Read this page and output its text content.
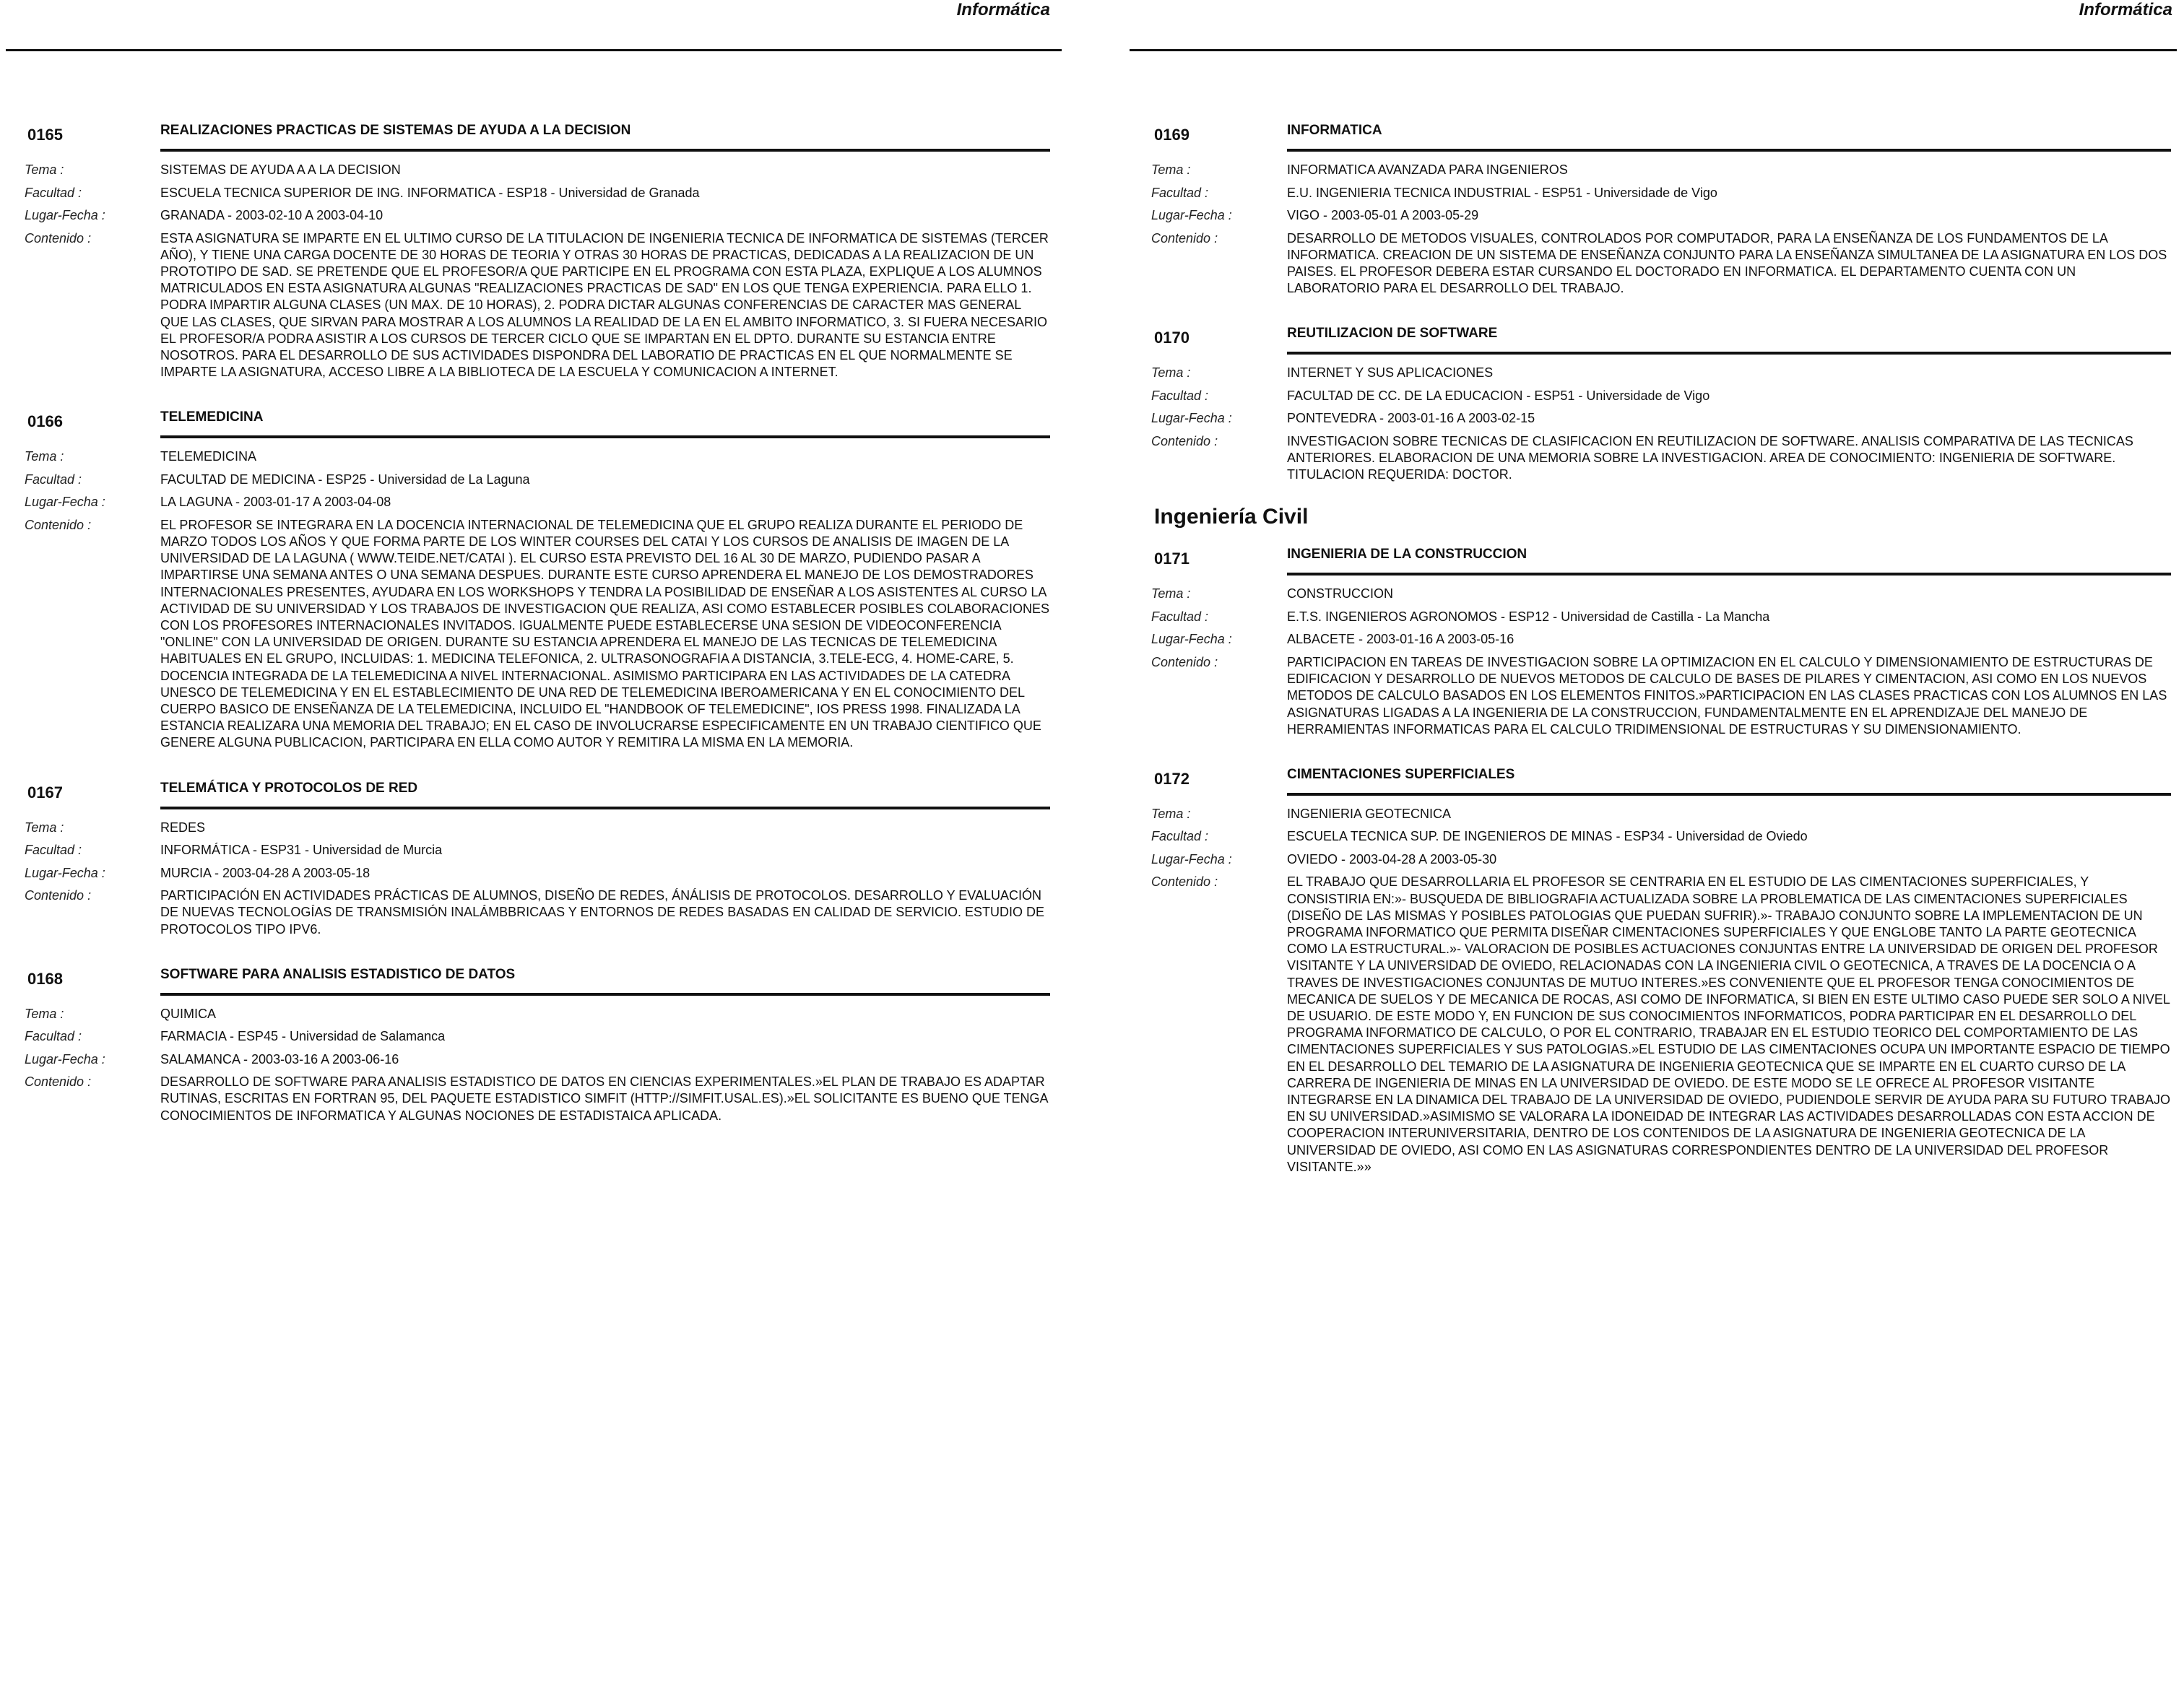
Informática
0165	REALIZACIONES PRACTICAS DE SISTEMAS DE AYUDA A LA DECISION
Tema :	SISTEMAS DE AYUDA A A LA DECISION
Facultad :	ESCUELA TECNICA SUPERIOR DE ING. INFORMATICA - ESP18 - Universidad de Granada
Lugar-Fecha :	GRANADA - 2003-02-10 A 2003-04-10
Contenido :	ESTA ASIGNATURA SE IMPARTE EN EL ULTIMO CURSO DE LA TITULACION DE INGENIERIA TECNICA DE INFORMATICA DE SISTEMAS (TERCER AÑO), Y TIENE UNA CARGA DOCENTE DE 30 HORAS DE TEORIA Y OTRAS 30 HORAS DE PRACTICAS, DEDICADAS A LA REALIZACION DE UN PROTOTIPO DE SAD. SE PRETENDE QUE EL PROFESOR/A QUE PARTICIPE EN EL PROGRAMA CON ESTA PLAZA, EXPLIQUE A LOS ALUMNOS MATRICULADOS EN ESTA ASIGNATURA ALGUNAS "REALIZACIONES PRACTICAS DE SAD" EN LOS QUE TENGA EXPERIENCIA. PARA ELLO 1. PODRA IMPARTIR ALGUNA CLASES (UN MAX. DE 10 HORAS), 2. PODRA DICTAR ALGUNAS CONFERENCIAS DE CARACTER MAS GENERAL QUE LAS CLASES, QUE SIRVAN PARA MOSTRAR A LOS ALUMNOS LA REALIDAD DE LA EN EL AMBITO INFORMATICO, 3. SI FUERA NECESARIO EL PROFESOR/A PODRA ASISTIR A LOS CURSOS DE TERCER CICLO QUE SE IMPARTAN EN EL DPTO. DURANTE SU ESTANCIA ENTRE NOSOTROS. PARA EL DESARROLLO DE SUS ACTIVIDADES DISPONDRA DEL LABORATIO DE PRACTICAS EN EL QUE NORMALMENTE SE IMPARTE LA ASIGNATURA, ACCESO LIBRE A LA BIBLIOTECA DE LA ESCUELA Y COMUNICACION A INTERNET.
0166	TELEMEDICINA
Tema :	TELEMEDICINA
Facultad :	FACULTAD DE MEDICINA - ESP25 - Universidad de La Laguna
Lugar-Fecha :	LA LAGUNA - 2003-01-17 A 2003-04-08
Contenido :	EL PROFESOR SE INTEGRARA EN LA DOCENCIA INTERNACIONAL DE TELEMEDICINA QUE EL GRUPO REALIZA DURANTE EL PERIODO DE MARZO TODOS LOS AÑOS Y QUE FORMA PARTE DE LOS WINTER COURSES DEL CATAI Y LOS CURSOS DE ANALISIS DE IMAGEN DE LA UNIVERSIDAD DE LA LAGUNA ( WWW.TEIDE.NET/CATAI ). EL CURSO ESTA PREVISTO DEL 16 AL 30 DE MARZO, PUDIENDO PASAR A IMPARTIRSE UNA SEMANA ANTES O UNA SEMANA DESPUES. DURANTE ESTE CURSO APRENDERA EL MANEJO DE LOS DEMOSTRADORES INTERNACIONALES PRESENTES, AYUDARA EN LOS WORKSHOPS Y TENDRA LA POSIBILIDAD DE ENSEÑAR A LOS ASISTENTES AL CURSO LA ACTIVIDAD DE SU UNIVERSIDAD Y LOS TRABAJOS DE INVESTIGACION QUE REALIZA, ASI COMO ESTABLECER POSIBLES COLABORACIONES CON LOS PROFESORES INTERNACIONALES INVITADOS. IGUALMENTE PUEDE ESTABLECERSE UNA SESION DE VIDEOCONFERENCIA "ONLINE" CON LA UNIVERSIDAD DE ORIGEN. DURANTE SU ESTANCIA APRENDERA EL MANEJO DE LAS TECNICAS DE TELEMEDICINA HABITUALES EN EL GRUPO, INCLUIDAS: 1. MEDICINA TELEFONICA, 2. ULTRASONOGRAFIA A DISTANCIA, 3.TELE-ECG, 4. HOME-CARE, 5. DOCENCIA INTEGRADA DE LA TELEMEDICINA A NIVEL INTERNACIONAL. ASIMISMO PARTICIPARA EN LAS ACTIVIDADES DE LA CATEDRA UNESCO DE TELEMEDICINA Y EN EL ESTABLECIMIENTO DE UNA RED DE TELEMEDICINA IBEROAMERICANA Y EN EL CONOCIMIENTO DEL CUERPO BASICO DE ENSEÑANZA DE LA TELEMEDICINA, INCLUIDO EL "HANDBOOK OF TELEMEDICINE", IOS PRESS 1998. FINALIZADA LA ESTANCIA REALIZARA UNA MEMORIA DEL TRABAJO; EN EL CASO DE INVOLUCRARSE ESPECIFICAMENTE EN UN TRABAJO CIENTIFICO QUE GENERE ALGUNA PUBLICACION, PARTICIPARA EN ELLA COMO AUTOR Y REMITIRA LA MISMA EN LA MEMORIA.
0167	TELEMÁTICA Y PROTOCOLOS DE RED
Tema :	REDES
Facultad :	INFORMÁTICA - ESP31 - Universidad de Murcia
Lugar-Fecha :	MURCIA - 2003-04-28 A 2003-05-18
Contenido :	PARTICIPACIÓN EN ACTIVIDADES PRÁCTICAS DE ALUMNOS, DISEÑO DE REDES, ÁNÁLISIS DE PROTOCOLOS. DESARROLLO Y EVALUACIÓN DE NUEVAS TECNOLOGÍAS DE TRANSMISIÓN INALÁMBBRICAAS Y ENTORNOS DE REDES BASADAS EN CALIDAD DE SERVICIO. ESTUDIO DE PROTOCOLOS TIPO IPV6.
0168	SOFTWARE PARA ANALISIS ESTADISTICO DE DATOS
Tema :	QUIMICA
Facultad :	FARMACIA - ESP45 - Universidad de Salamanca
Lugar-Fecha :	SALAMANCA - 2003-03-16 A 2003-06-16
Contenido :	DESARROLLO DE SOFTWARE PARA ANALISIS ESTADISTICO DE DATOS EN CIENCIAS EXPERIMENTALES.»EL PLAN DE TRABAJO ES ADAPTAR RUTINAS, ESCRITAS EN FORTRAN 95, DEL PAQUETE ESTADISTICO SIMFIT (HTTP://SIMFIT.USAL.ES).»EL SOLICITANTE ES BUENO QUE TENGA CONOCIMIENTOS DE INFORMATICA Y ALGUNAS NOCIONES DE ESTADISTAICA APLICADA.
Informática
0169	INFORMATICA
Tema :	INFORMATICA AVANZADA PARA INGENIEROS
Facultad :	E.U. INGENIERIA TECNICA INDUSTRIAL - ESP51 - Universidade de Vigo
Lugar-Fecha :	VIGO - 2003-05-01 A 2003-05-29
Contenido :	DESARROLLO DE METODOS VISUALES, CONTROLADOS POR COMPUTADOR, PARA LA ENSEÑANZA DE LOS FUNDAMENTOS DE LA INFORMATICA. CREACION DE UN SISTEMA DE ENSEÑANZA CONJUNTO PARA LA ENSEÑANZA SIMULTANEA DE LA ASIGNATURA EN LOS DOS PAISES. EL PROFESOR DEBERA ESTAR CURSANDO EL DOCTORADO EN INFORMATICA. EL DEPARTAMENTO CUENTA CON UN LABORATORIO PARA EL DESARROLLO DEL TRABAJO.
0170	REUTILIZACION DE SOFTWARE
Tema :	INTERNET Y SUS APLICACIONES
Facultad :	FACULTAD DE CC. DE LA EDUCACION - ESP51 - Universidade de Vigo
Lugar-Fecha :	PONTEVEDRA - 2003-01-16 A 2003-02-15
Contenido :	INVESTIGACION SOBRE TECNICAS DE CLASIFICACION EN REUTILIZACION DE SOFTWARE. ANALISIS COMPARATIVA DE LAS TECNICAS ANTERIORES. ELABORACION DE UNA MEMORIA SOBRE LA INVESTIGACION. AREA DE CONOCIMIENTO: INGENIERIA DE SOFTWARE. TITULACION REQUERIDA: DOCTOR.
Ingeniería Civil
0171	INGENIERIA DE LA CONSTRUCCION
Tema :	CONSTRUCCION
Facultad :	E.T.S. INGENIEROS AGRONOMOS - ESP12 - Universidad de Castilla - La Mancha
Lugar-Fecha :	ALBACETE - 2003-01-16 A 2003-05-16
Contenido :	PARTICIPACION EN TAREAS DE INVESTIGACION SOBRE LA OPTIMIZACION EN EL CALCULO Y DIMENSIONAMIENTO DE ESTRUCTURAS DE EDIFICACION Y DESARROLLO DE NUEVOS METODOS DE CALCULO DE BASES DE PILARES Y CIMENTACION, ASI COMO EN LOS NUEVOS METODOS DE CALCULO BASADOS EN LOS ELEMENTOS FINITOS.»PARTICIPACION EN LAS CLASES PRACTICAS CON LOS ALUMNOS EN LAS ASIGNATURAS LIGADAS A LA INGENIERIA DE LA CONSTRUCCION, FUNDAMENTALMENTE EN EL APRENDIZAJE DEL MANEJO DE HERRAMIENTAS INFORMATICAS PARA EL CALCULO TRIDIMENSIONAL DE ESTRUCTURAS Y SU DIMENSIONAMIENTO.
0172	CIMENTACIONES SUPERFICIALES
Tema :	INGENIERIA GEOTECNICA
Facultad :	ESCUELA TECNICA SUP. DE INGENIEROS DE MINAS - ESP34 - Universidad de Oviedo
Lugar-Fecha :	OVIEDO - 2003-04-28 A 2003-05-30
Contenido :	EL TRABAJO QUE DESARROLLARIA EL PROFESOR SE CENTRARIA EN EL ESTUDIO DE LAS CIMENTACIONES SUPERFICIALES, Y CONSISTIRIA EN:»- BUSQUEDA DE BIBLIOGRAFIA ACTUALIZADA SOBRE LA PROBLEMATICA DE LAS CIMENTACIONES SUPERFICIALES (DISEÑO DE LAS MISMAS Y POSIBLES PATOLOGIAS QUE PUEDAN SUFRIR).»- TRABAJO CONJUNTO SOBRE LA IMPLEMENTACION DE UN PROGRAMA INFORMATICO QUE PERMITA DISEÑAR CIMENTACIONES SUPERFICIALES Y QUE ENGLOBE TANTO LA PARTE GEOTECNICA COMO LA ESTRUCTURAL.»- VALORACION DE POSIBLES ACTUACIONES CONJUNTAS ENTRE LA UNIVERSIDAD DE ORIGEN DEL PROFESOR VISITANTE Y LA UNIVERSIDAD DE OVIEDO, RELACIONADAS CON LA INGENIERIA CIVIL O GEOTECNICA, A TRAVES DE LA DOCENCIA O A TRAVES DE INVESTIGACIONES CONJUNTAS DE MUTUO INTERES.»ES CONVENIENTE QUE EL PROFESOR TENGA CONOCIMIENTOS DE MECANICA DE SUELOS Y DE MECANICA DE ROCAS, ASI COMO DE INFORMATICA, SI BIEN EN ESTE ULTIMO CASO PUEDE SER SOLO A NIVEL DE USUARIO. DE ESTE MODO Y, EN FUNCION DE SUS CONOCIMIENTOS INFORMATICOS, PODRA PARTICIPAR EN EL DESARROLLO DEL PROGRAMA INFORMATICO DE CALCULO, O POR EL CONTRARIO, TRABAJAR EN EL ESTUDIO TEORICO DEL COMPORTAMIENTO DE LAS CIMENTACIONES SUPERFICIALES Y SUS PATOLOGIAS.»EL ESTUDIO DE LAS CIMENTACIONES OCUPA UN IMPORTANTE ESPACIO DE TIEMPO EN EL DESARROLLO DEL TEMARIO DE LA ASIGNATURA DE INGENIERIA GEOTECNICA QUE SE IMPARTE EN EL CUARTO CURSO DE LA CARRERA DE INGENIERIA DE MINAS EN LA UNIVERSIDAD DE OVIEDO. DE ESTE MODO SE LE OFRECE AL PROFESOR VISITANTE INTEGRARSE EN LA DINAMICA DEL TRABAJO DE LA UNIVERSIDAD DE OVIEDO, PUDIENDOLE SERVIR DE AYUDA PARA SU FUTURO TRABAJO EN SU UNIVERSIDAD.»ASIMISMO SE VALORARA LA IDONEIDAD DE INTEGRAR LAS ACTIVIDADES DESARROLLADAS CON ESTA ACCION DE COOPERACION INTERUNIVERSITARIA, DENTRO DE LOS CONTENIDOS DE LA ASIGNATURA DE INGENIERIA GEOTECNICA DE LA UNIVERSIDAD DE OVIEDO, ASI COMO EN LAS ASIGNATURAS CORRESPONDIENTES DENTRO DE LA UNIVERSIDAD DEL PROFESOR VISITANTE.»»
